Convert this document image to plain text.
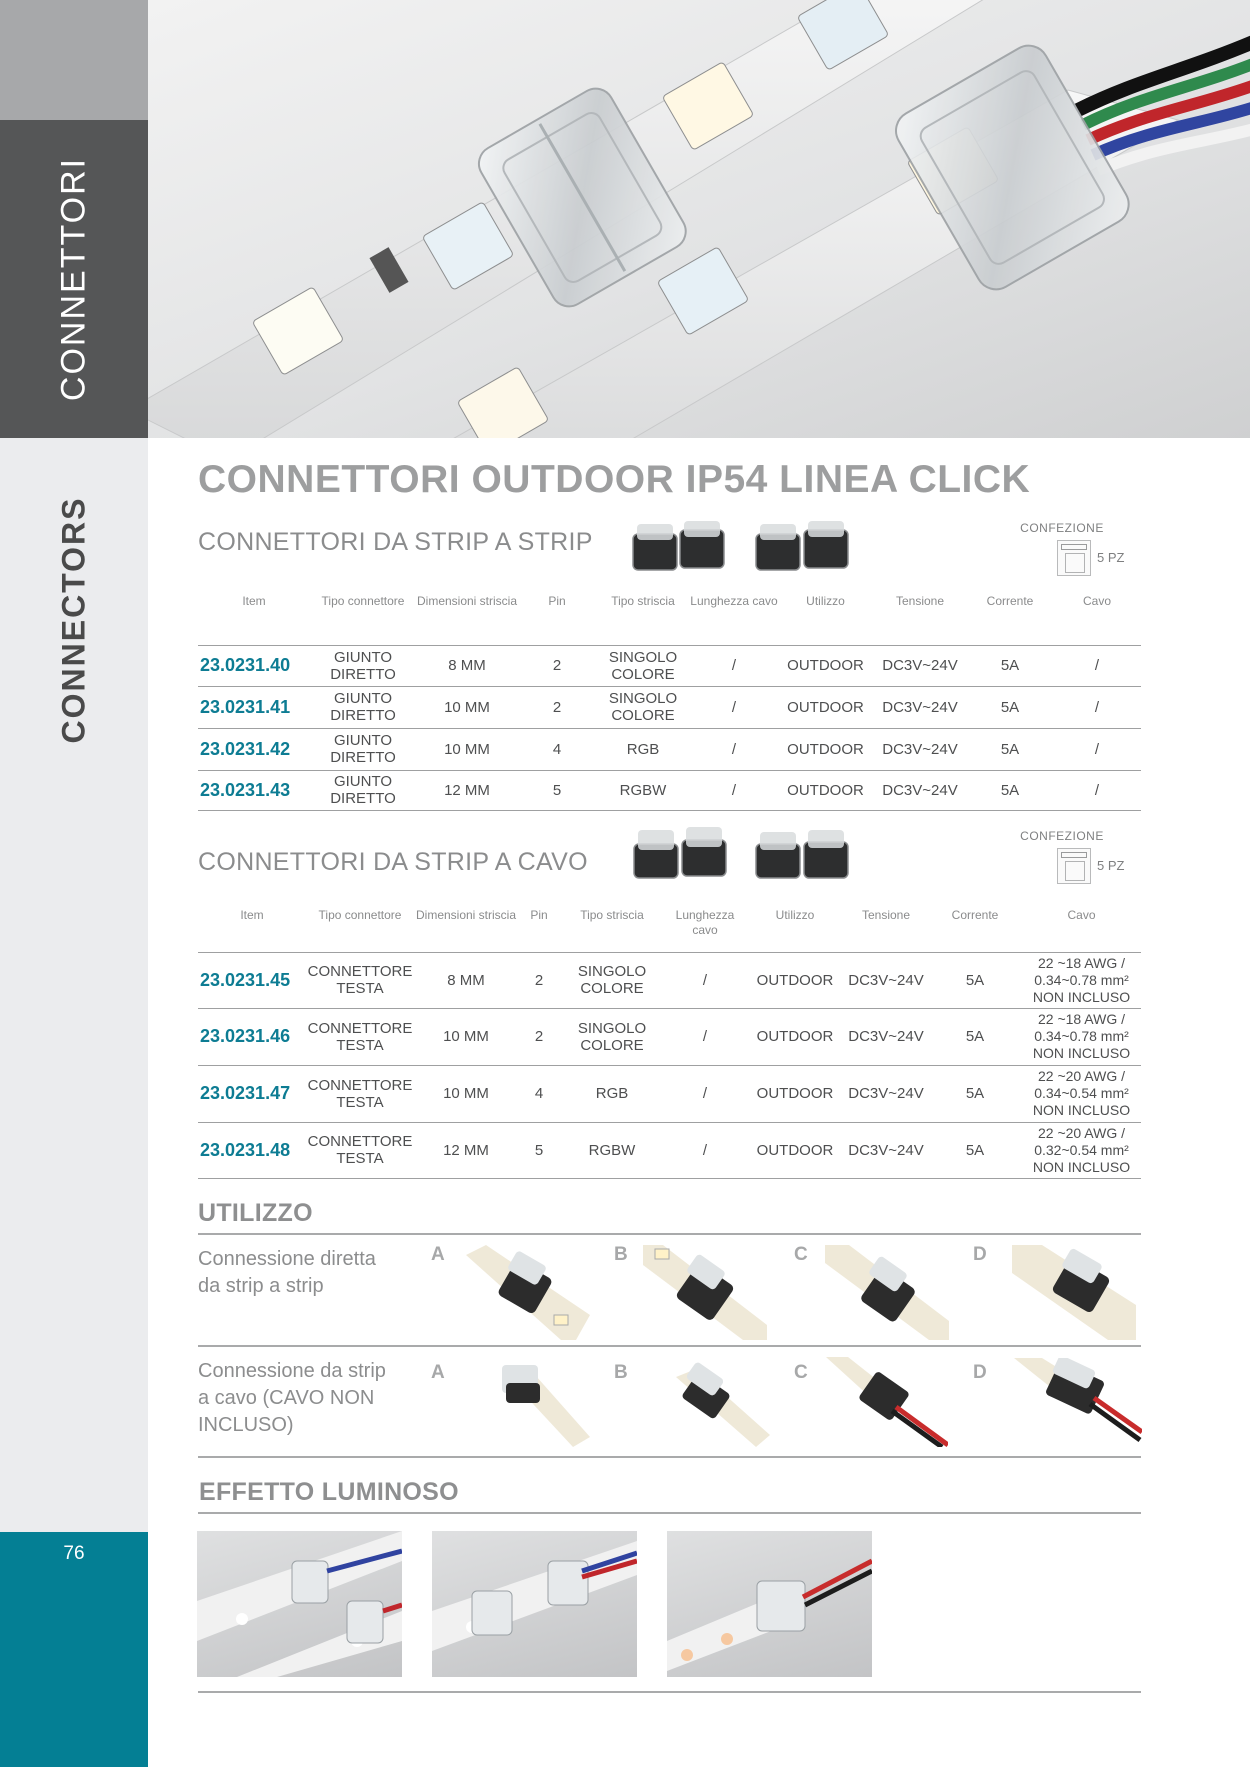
CONNETTORI
CONNECTORS
76
CONNETTORI OUTDOOR IP54 LINEA CLICK
CONNETTORI DA STRIP A STRIP	CONFEZIONE
5 PZ
Item	Tipo connettore	Dimensioni striscia	Pin	Tipo striscia	Lunghezza cavo	Utilizzo	Tensione	Corrente	Cavo

23.0231.40	GIUNTO DIRETTO	8 MM	2	SINGOLO COLORE	/	OUTDOOR	DC3V~24V	5A	/
23.0231.41	GIUNTO DIRETTO	10 MM	2	SINGOLO COLORE	/	OUTDOOR	DC3V~24V	5A	/
23.0231.42	GIUNTO DIRETTO	10 MM	4	RGB	/	OUTDOOR	DC3V~24V	5A	/
23.0231.43	GIUNTO DIRETTO	12 MM	5	RGBW	/	OUTDOOR	DC3V~24V	5A	/
CONNETTORI DA STRIP A CAVO
CONFEZIONE
5 PZ
Item	Tipo connettore	Dimensioni striscia	Pin	Tipo striscia	Lunghezza cavo	Utilizzo	Tensione	Corrente	Cavo

23.0231.45	CONNETTORE TESTA	8 MM	2	SINGOLO COLORE	/	OUTDOOR	DC3V~24V	5A	22 ~18 AWG / 0.34~0.78 mm² NON INCLUSO
23.0231.46	CONNETTORE TESTA	10 MM	2	SINGOLO COLORE	/	OUTDOOR	DC3V~24V	5A	22 ~18 AWG / 0.34~0.78 mm² NON INCLUSO
23.0231.47	CONNETTORE TESTA	10 MM	4	RGB	/	OUTDOOR	DC3V~24V	5A	22 ~20 AWG / 0.34~0.54 mm² NON INCLUSO
23.0231.48	CONNETTORE TESTA	12 MM	5	RGBW	/	OUTDOOR	DC3V~24V	5A	22 ~20 AWG / 0.32~0.54 mm² NON INCLUSO
UTILIZZO
Connessione diretta da strip a strip
A	B	C	D
Connessione da strip a cavo (CAVO NON INCLUSO)
A	B	C	D
EFFETTO LUMINOSO
